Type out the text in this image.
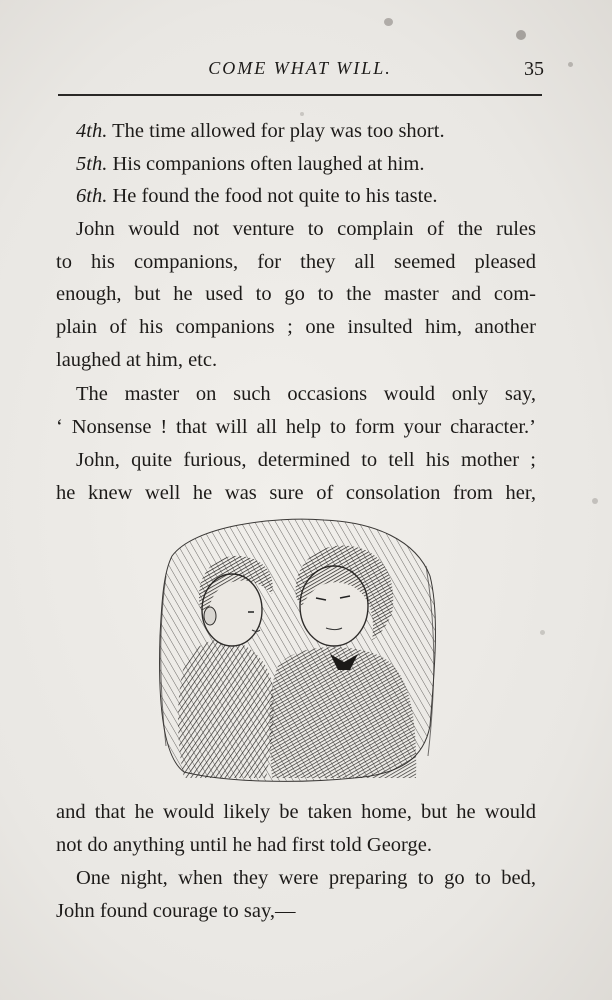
COME WHAT WILL.	35
4th. The time allowed for play was too short.
5th. His companions often laughed at him.
6th. He found the food not quite to his taste.
John would not venture to complain of the rules
to his companions, for they all seemed pleased
enough, but he used to go to the master and com-
plain of his companions ; one insulted him, another
laughed at him, etc.
The master on such occasions would only say,
‘ Nonsense ! that will all help to form your character.’
John, quite furious, determined to tell his mother ;
he knew well he was sure of consolation from her,
and that he would likely be taken home, but he would
not do anything until he had first told George.
One night, when they were preparing to go to bed,
John found courage to say,—
